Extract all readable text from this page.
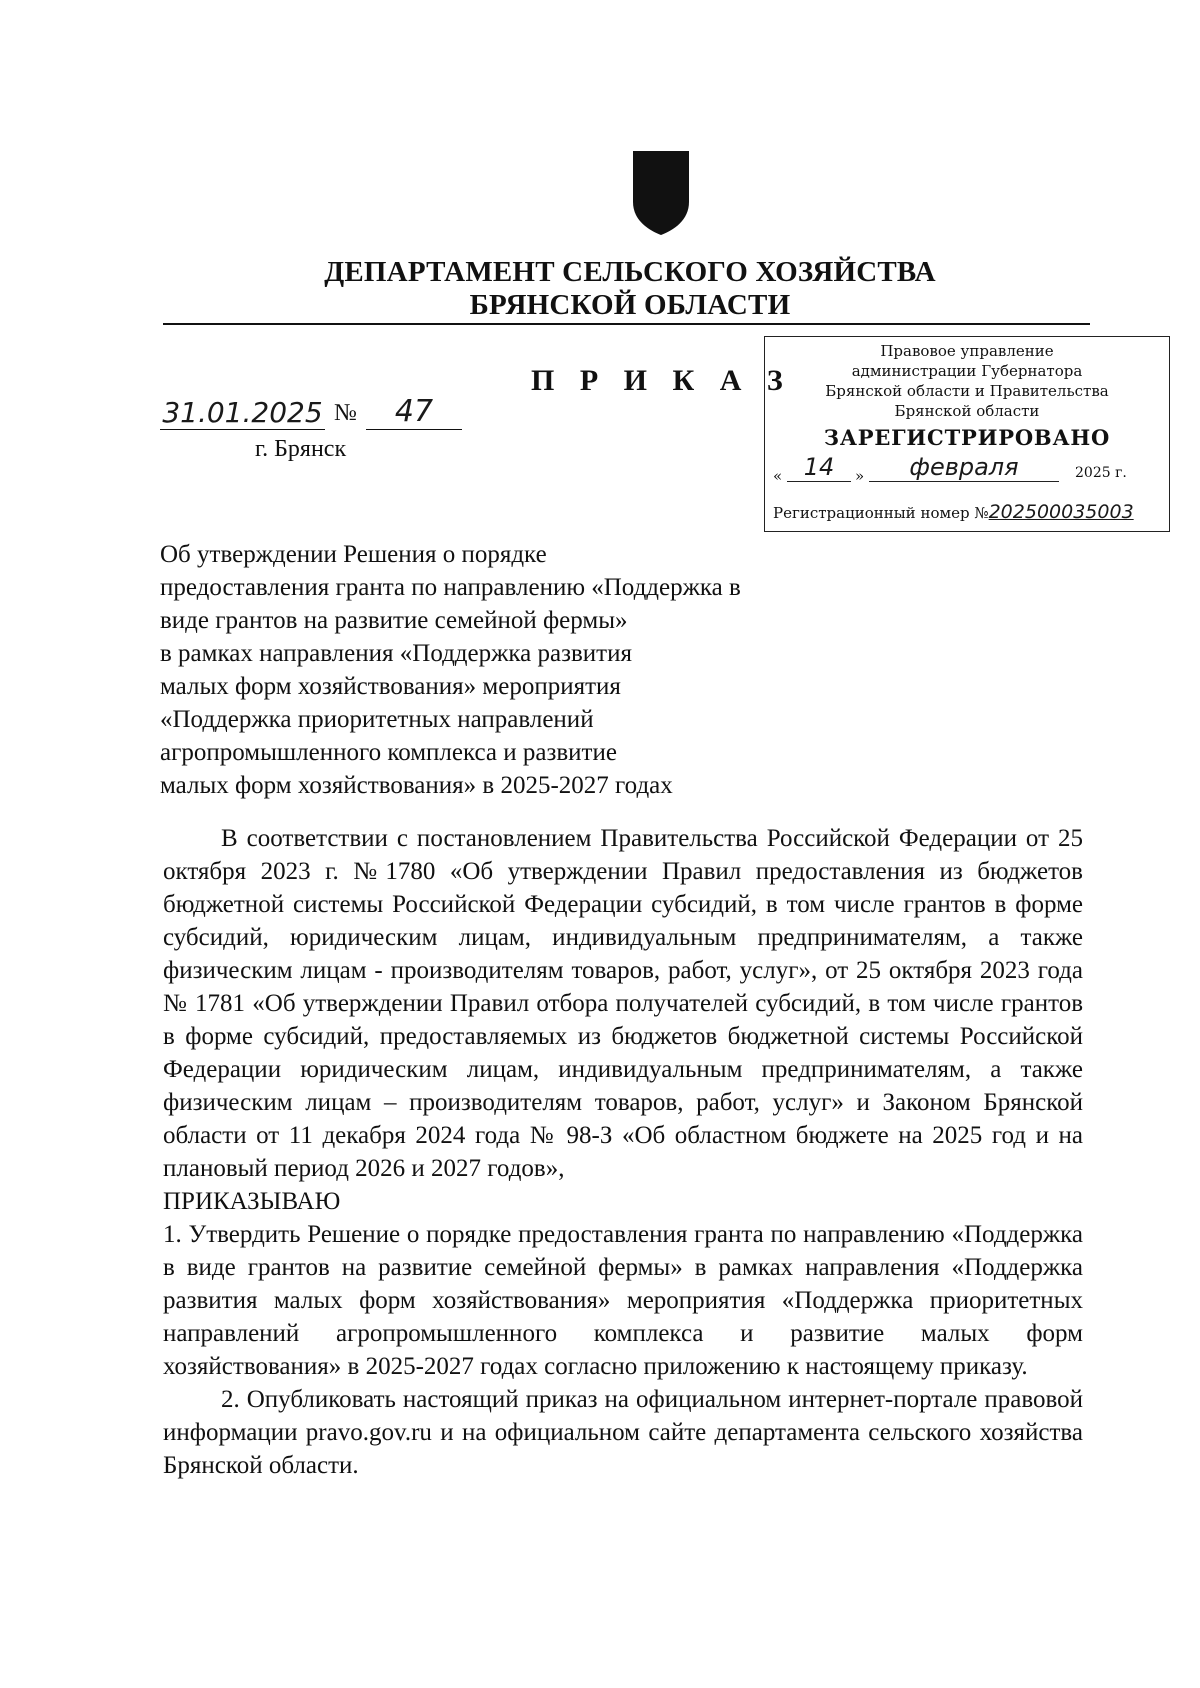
ДЕПАРТАМЕНТ СЕЛЬСКОГО ХОЗЯЙСТВА
БРЯНСКОЙ ОБЛАСТИ
П Р И К А З
31.01.2025 №	47
г. Брянск
Правовое управление
администрации Губернатора
Брянской области и Правительства
Брянской области
ЗАРЕГИСТРИРОВАНО
« 14	»	февраля	2025 г.
Регистрационный номер №202500035003
Об утверждении Решения о порядке
предоставления гранта по направлению «Поддержка в
виде грантов на развитие семейной фермы»
в рамках направления «Поддержка развития
малых форм хозяйствования» мероприятия
«Поддержка приоритетных направлений
агропромышленного комплекса и развитие
малых форм хозяйствования» в 2025-2027 годах

В соответствии с постановлением Правительства Российской Федерации от 25 октября 2023 г. №1780 «Об утверждении Правил предоставления из бюджетов бюджетной системы Российской Федерации субсидий, в том числе грантов в форме субсидий, юридическим лицам, индивидуальным предпринимателям, а также физическим лицам - производителям товаров, работ, услуг», от 25 октября 2023 года № 1781 «Об утверждении Правил отбора получателей субсидий, в том числе грантов в форме субсидий, предоставляемых из бюджетов бюджетной системы Российской Федерации юридическим лицам, индивидуальным предпринимателям, а также физическим лицам – производителям товаров, работ, услуг» и Законом Брянской области от 11 декабря 2024 года № 98-З «Об областном бюджете на 2025 год и на плановый период 2026 и 2027 годов»,

ПРИКАЗЫВАЮ

1. Утвердить Решение о порядке предоставления гранта по направлению «Поддержка в виде грантов на развитие семейной фермы» в рамках направления «Поддержка развития малых форм хозяйствования» мероприятия «Поддержка приоритетных направлений агропромышленного комплекса и развитие малых форм хозяйствования» в 2025-2027 годах согласно приложению к настоящему приказу.

2. Опубликовать настоящий приказ на официальном интернет-портале правовой информации pravo.gov.ru и на официальном сайте департамента сельского хозяйства Брянской области.
